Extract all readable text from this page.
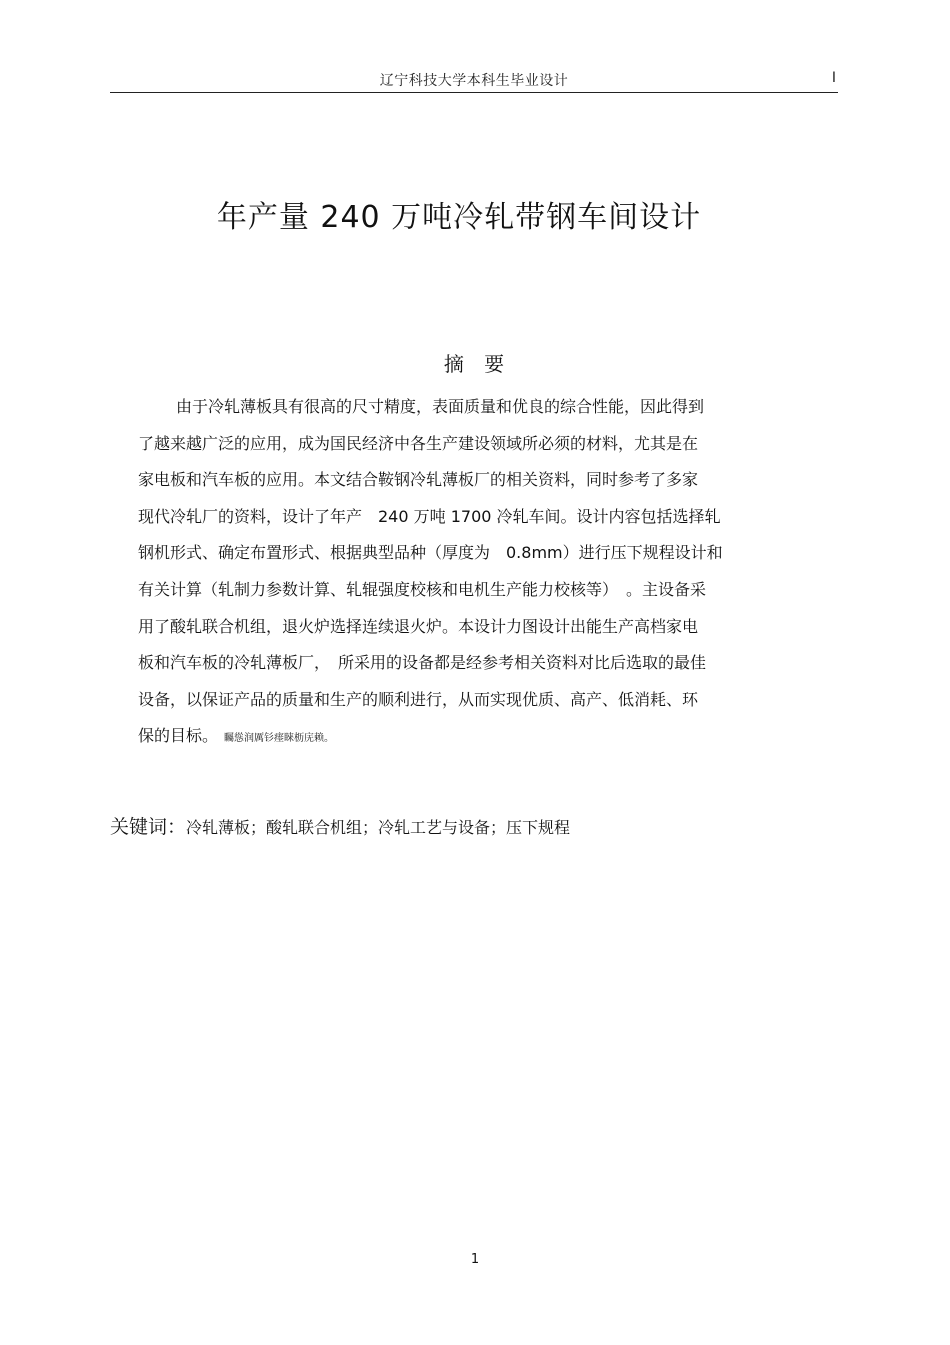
辽宁科技大学本科生毕业设计	I
年产量 240 万吨冷轧带钢车间设计
摘 要
由于冷轧薄板具有很高的尺寸精度，表面质量和优良的综合性能，因此得到
了越来越广泛的应用，成为国民经济中各生产建设领域所必须的材料，尤其是在
家电板和汽车板的应用。本文结合鞍钢冷轧薄板厂的相关资料，同时参考了多家
现代冷轧厂的资料，设计了年产　240 万吨 1700 冷轧车间。设计内容包括选择轧
钢机形式、确定布置形式、根据典型品种（厚度为　0.8mm）进行压下规程设计和
有关计算（轧制力参数计算、轧辊强度校核和电机生产能力校核等）　。主设备采
用了酸轧联合机组，退火炉选择连续退火炉。本设计力图设计出能生产高档家电
板和汽车板的冷轧薄板厂，　所采用的设备都是经参考相关资料对比后选取的最佳
设备，以保证产品的质量和生产的顺利进行，从而实现优质、高产、低消耗、环
保的目标。 矚慫润厲钐瘗睞枥庑赖。
关键词：冷轧薄板；酸轧联合机组；冷轧工艺与设备；压下规程
1
